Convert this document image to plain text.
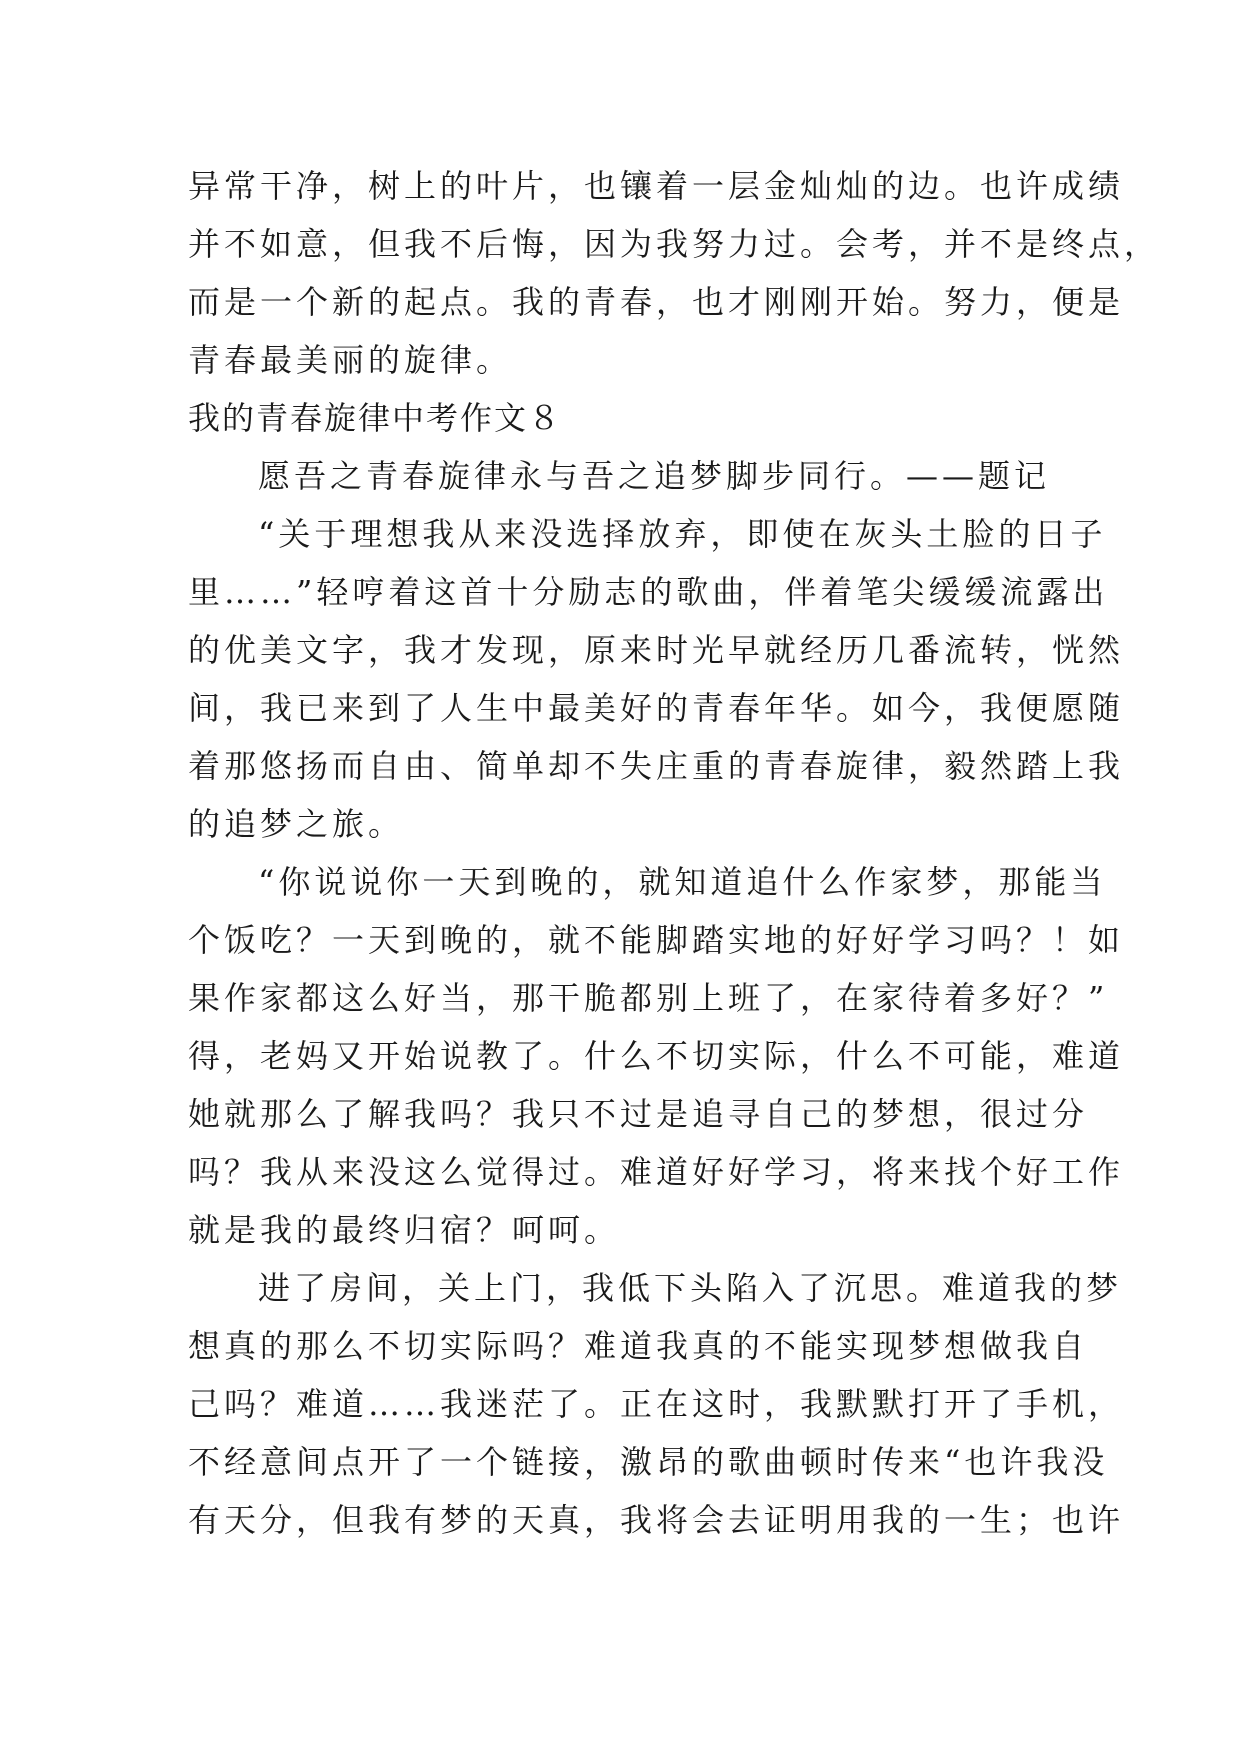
异常干净，树上的叶片，也镶着一层金灿灿的边。也许成绩
并不如意，但我不后悔，因为我努力过。会考，并不是终点，
而是一个新的起点。我的青春，也才刚刚开始。努力，便是
青春最美丽的旋律。
我的青春旋律中考作文８
愿吾之青春旋律永与吾之追梦脚步同行。——题记
“关于理想我从来没选择放弃，即使在灰头土脸的日子
里……”轻哼着这首十分励志的歌曲，伴着笔尖缓缓流露出
的优美文字，我才发现，原来时光早就经历几番流转，恍然
间，我已来到了人生中最美好的青春年华。如今，我便愿随
着那悠扬而自由、简单却不失庄重的青春旋律，毅然踏上我
的追梦之旅。
“你说说你一天到晚的，就知道追什么作家梦，那能当
个饭吃？一天到晚的，就不能脚踏实地的好好学习吗？！如
果作家都这么好当，那干脆都别上班了，在家待着多好？”
得，老妈又开始说教了。什么不切实际，什么不可能，难道
她就那么了解我吗？我只不过是追寻自己的梦想，很过分
吗？我从来没这么觉得过。难道好好学习，将来找个好工作
就是我的最终归宿？呵呵。
进了房间，关上门，我低下头陷入了沉思。难道我的梦
想真的那么不切实际吗？难道我真的不能实现梦想做我自
己吗？难道……我迷茫了。正在这时，我默默打开了手机，
不经意间点开了一个链接，激昂的歌曲顿时传来“也许我没
有天分，但我有梦的天真，我将会去证明用我的一生；也许
